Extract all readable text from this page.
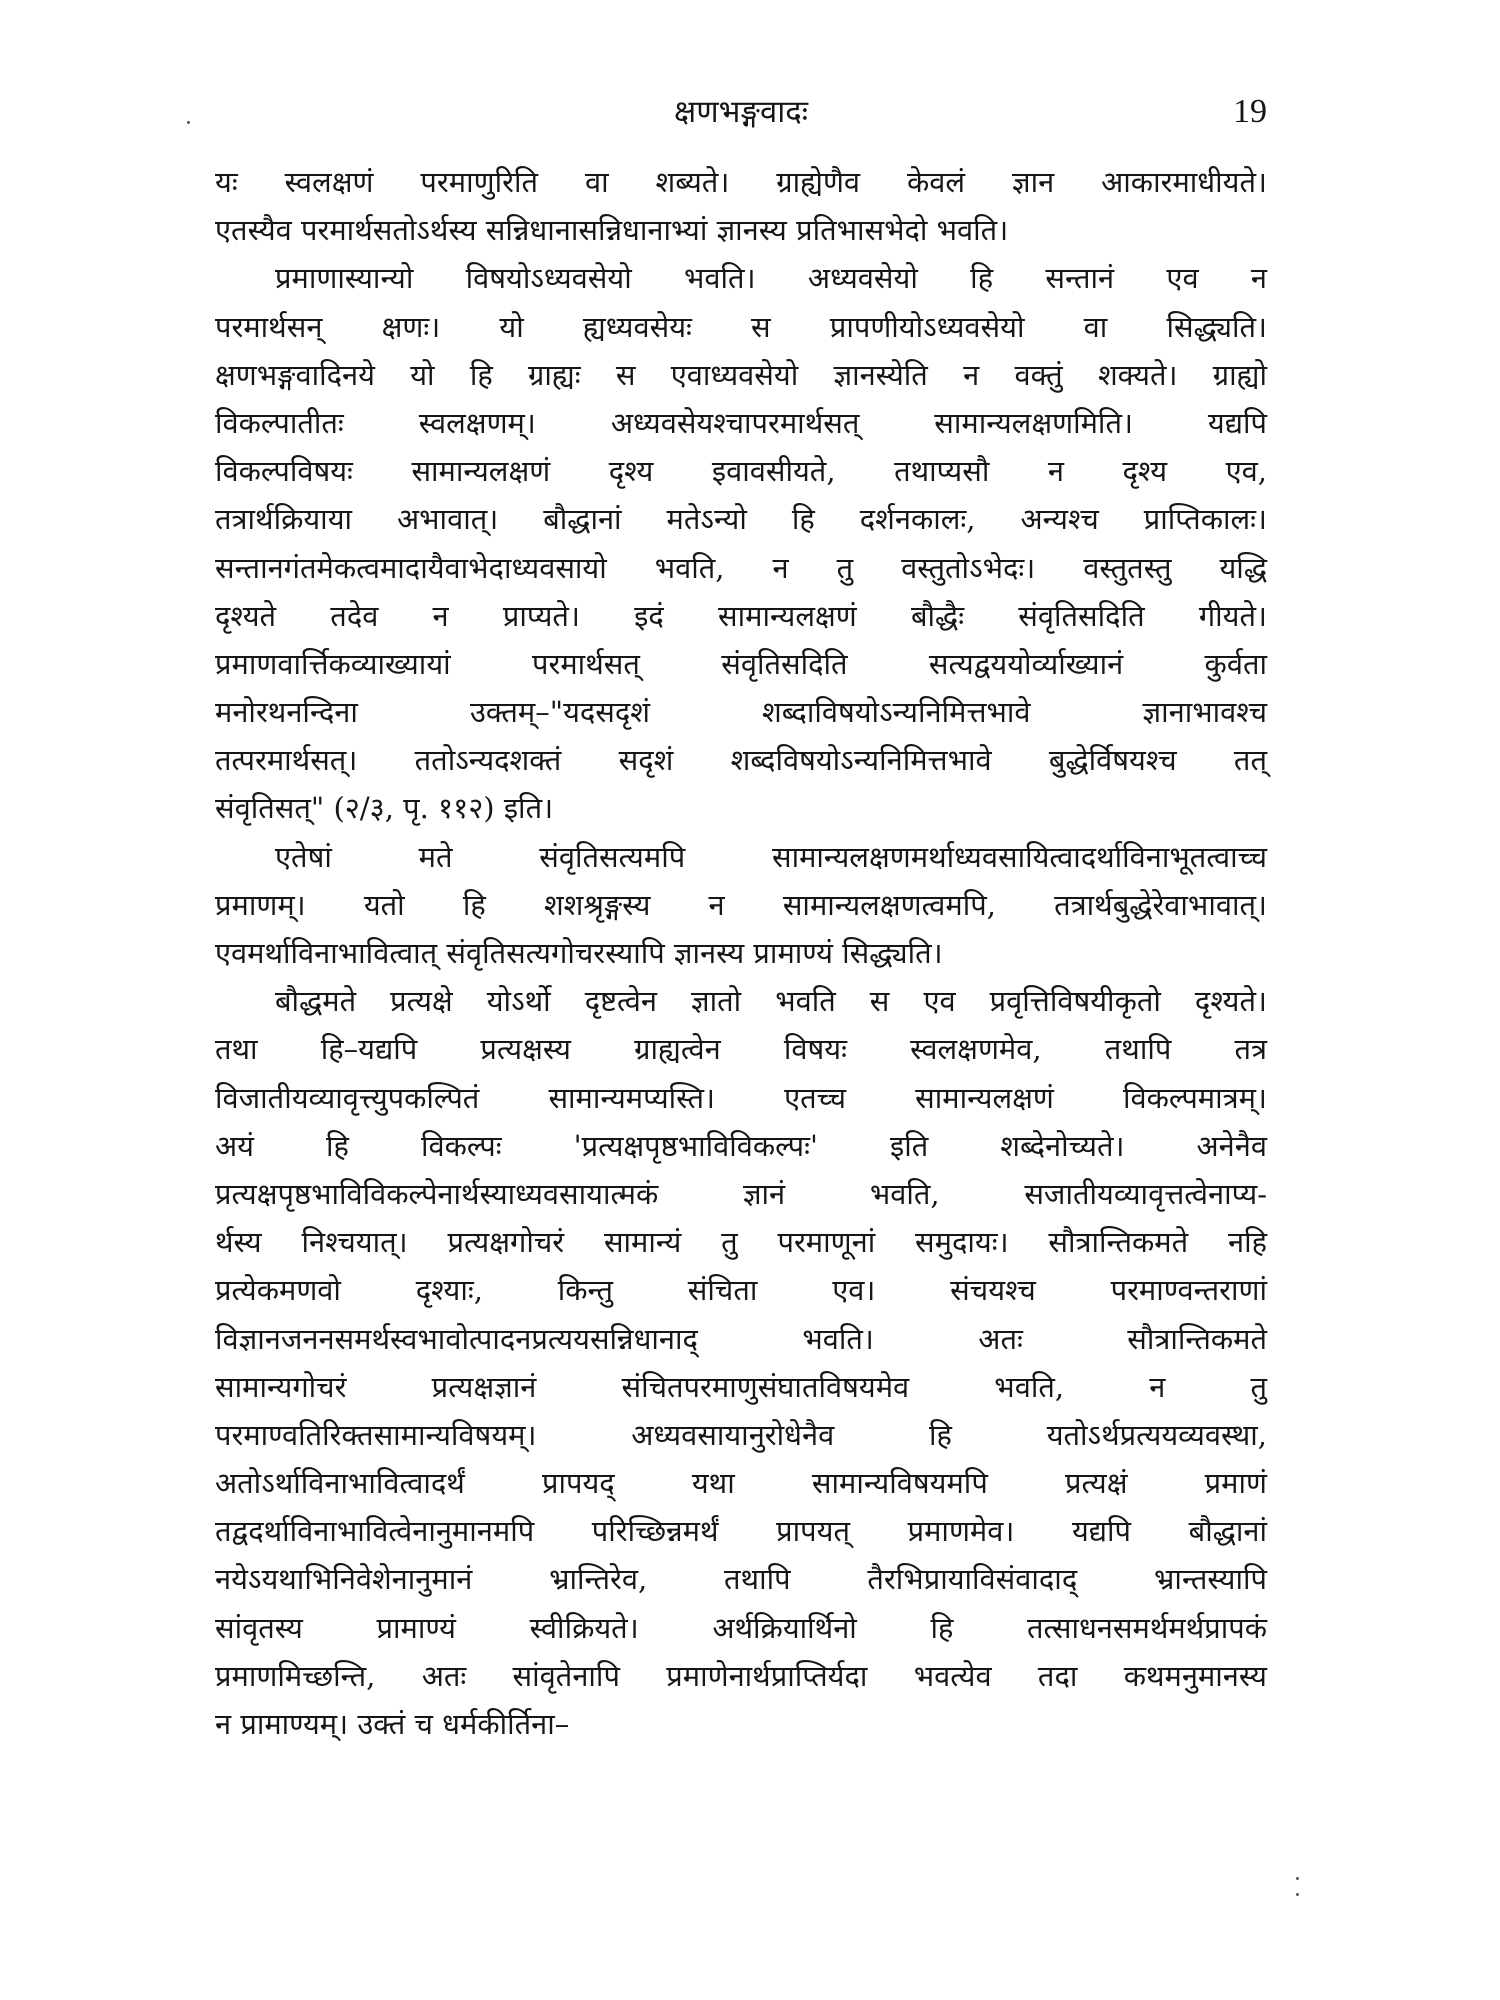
क्षणभङ्गवादः	19
यः स्वलक्षणं परमाणुरिति वा शब्यते। ग्राह्येणैव केवलं ज्ञान आकारमाधीयते।
एतस्यैव परमार्थसतोऽर्थस्य सन्निधानासन्निधानाभ्यां ज्ञानस्य प्रतिभासभेदो भवति।
प्रमाणास्यान्यो विषयोऽध्यवसेयो भवति। अध्यवसेयो हि सन्तानं एव न
परमार्थसन् क्षणः। यो ह्यध्यवसेयः स प्रापणीयोऽध्यवसेयो वा सिद्ध्यति।
क्षणभङ्गवादिनये यो हि ग्राह्यः स एवाध्यवसेयो ज्ञानस्येति न वक्तुं शक्यते। ग्राह्यो
विकल्पातीतः स्वलक्षणम्। अध्यवसेयश्चापरमार्थसत् सामान्यलक्षणमिति। यद्यपि
विकल्पविषयः सामान्यलक्षणं दृश्य इवावसीयते, तथाप्यसौ न दृश्य एव,
तत्रार्थक्रियाया अभावात्। बौद्धानां मतेऽन्यो हि दर्शनकालः, अन्यश्च प्राप्तिकालः।
सन्तानगंतमेकत्वमादायैवाभेदाध्यवसायो भवति, न तु वस्तुतोऽभेदः। वस्तुतस्तु यद्धि
दृश्यते तदेव न प्राप्यते। इदं सामान्यलक्षणं बौद्धैः संवृतिसदिति गीयते।
प्रमाणवार्त्तिकव्याख्यायां परमार्थसत् संवृतिसदिति सत्यद्वययोर्व्याख्यानं कुर्वता
मनोरथनन्दिना उक्तम्–"यदसदृशं शब्दाविषयोऽन्यनिमित्तभावे ज्ञानाभावश्च
तत्परमार्थसत्। ततोऽन्यदशक्तं सदृशं शब्दविषयोऽन्यनिमित्तभावे बुद्धेर्विषयश्च तत्
संवृतिसत्" (२/३, पृ. ११२) इति।
एतेषां मते संवृतिसत्यमपि सामान्यलक्षणमर्थाध्यवसायित्वादर्थाविनाभूतत्वाच्च
प्रमाणम्। यतो हि शशश्रृङ्गस्य न सामान्यलक्षणत्वमपि, तत्रार्थबुद्धेरेवाभावात्।
एवमर्थाविनाभावित्वात् संवृतिसत्यगोचरस्यापि ज्ञानस्य प्रामाण्यं सिद्ध्यति।
बौद्धमते प्रत्यक्षे योऽर्थो दृष्टत्वेन ज्ञातो भवति स एव प्रवृत्तिविषयीकृतो दृश्यते।
तथा हि–यद्यपि प्रत्यक्षस्य ग्राह्यत्वेन विषयः स्वलक्षणमेव, तथापि तत्र
विजातीयव्यावृत्त्युपकल्पितं सामान्यमप्यस्ति। एतच्च सामान्यलक्षणं विकल्पमात्रम्।
अयं हि विकल्पः 'प्रत्यक्षपृष्ठभाविविकल्पः' इति शब्देनोच्यते। अनेनैव
प्रत्यक्षपृष्ठभाविविकल्पेनार्थस्याध्यवसायात्मकं ज्ञानं भवति, सजातीयव्यावृत्तत्वेनाप्य-
र्थस्य निश्चयात्। प्रत्यक्षगोचरं सामान्यं तु परमाणूनां समुदायः। सौत्रान्तिकमते नहि
प्रत्येकमणवो दृश्याः, किन्तु संचिता एव। संचयश्च परमाण्वन्तराणां
विज्ञानजननसमर्थस्वभावोत्पादनप्रत्ययसन्निधानाद् भवति। अतः सौत्रान्तिकमते
सामान्यगोचरं प्रत्यक्षज्ञानं संचितपरमाणुसंघातविषयमेव भवति, न तु
परमाण्वतिरिक्तसामान्यविषयम्। अध्यवसायानुरोधेनैव हि यतोऽर्थप्रत्ययव्यवस्था,
अतोऽर्थाविनाभावित्वादर्थं प्रापयद् यथा सामान्यविषयमपि प्रत्यक्षं प्रमाणं
तद्वदर्थाविनाभावित्वेनानुमानमपि परिच्छिन्नमर्थं प्रापयत् प्रमाणमेव। यद्यपि बौद्धानां
नयेऽयथाभिनिवेशेनानुमानं भ्रान्तिरेव, तथापि तैरभिप्रायाविसंवादाद् भ्रान्तस्यापि
सांवृतस्य प्रामाण्यं स्वीक्रियते। अर्थक्रियार्थिनो हि तत्साधनसमर्थमर्थप्रापकं
प्रमाणमिच्छन्ति, अतः सांवृतेनापि प्रमाणेनार्थप्राप्तिर्यदा भवत्येव तदा कथमनुमानस्य
न प्रामाण्यम्। उक्तं च धर्मकीर्तिना–
